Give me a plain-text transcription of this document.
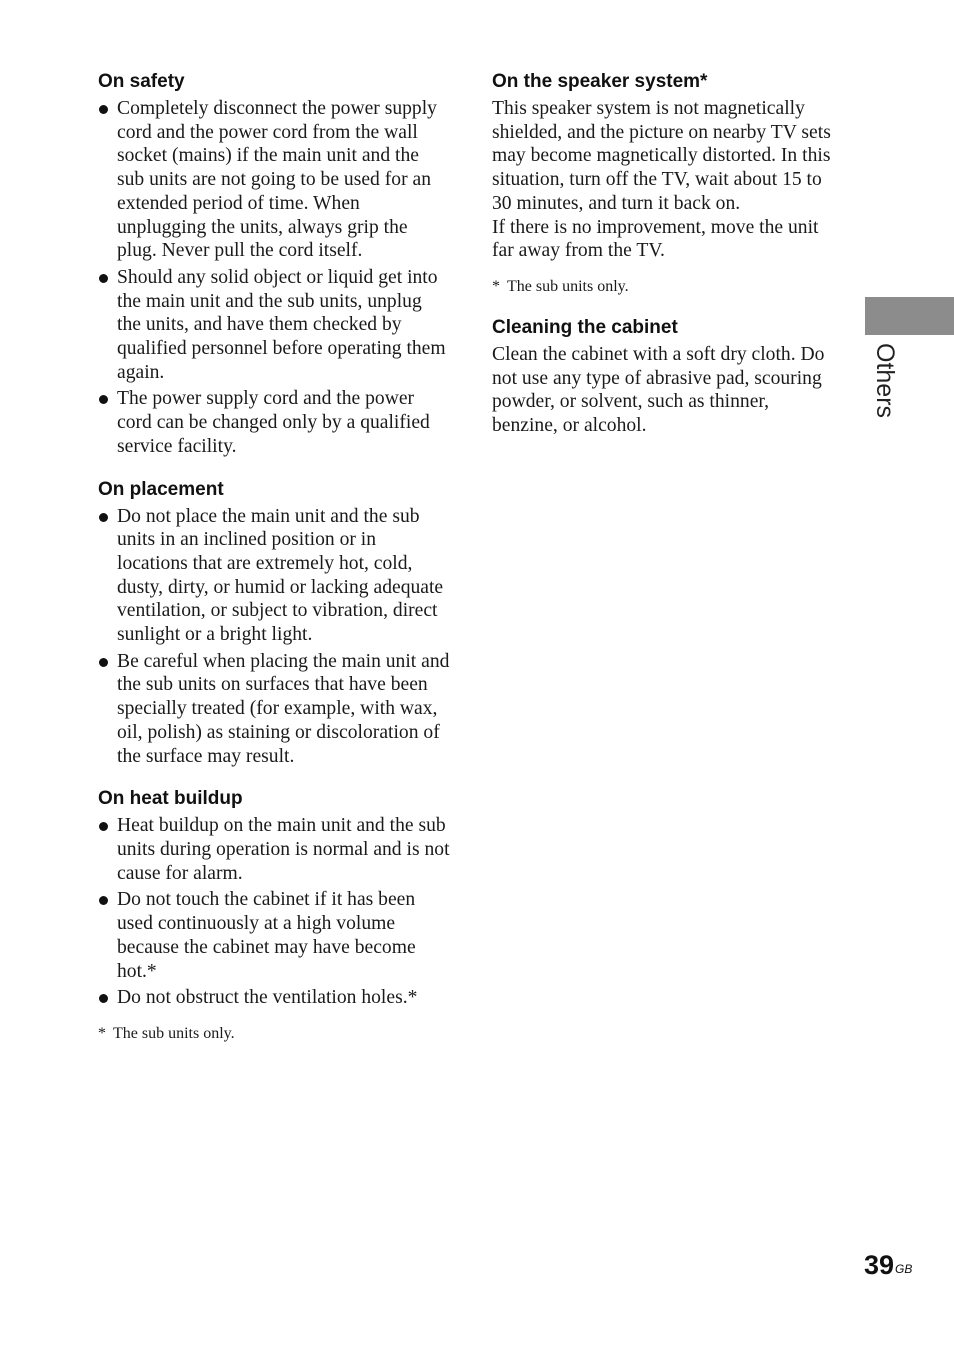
On safety
Completely disconnect the power supply cord and the power cord from the wall socket (mains) if the main unit and the sub units are not going to be used for an extended period of time. When unplugging the units, always grip the plug. Never pull the cord itself.
Should any solid object or liquid get into the main unit and the sub units, unplug the units, and have them checked by qualified personnel before operating them again.
The power supply cord and the power cord can be changed only by a qualified service facility.
On placement
Do not place the main unit and the sub units in an inclined position or in locations that are extremely hot, cold, dusty, dirty, or humid or lacking adequate ventilation, or subject to vibration, direct sunlight or a bright light.
Be careful when placing the main unit and the sub units on surfaces that have been specially treated (for example, with wax, oil, polish) as staining or discoloration of the surface may result.
On heat buildup
Heat buildup on the main unit and the sub units during operation is normal and is not cause for alarm.
Do not touch the cabinet if it has been used continuously at a high volume because the cabinet may have become hot.*
Do not obstruct the ventilation holes.*
* The sub units only.
On the speaker system*

This speaker system is not magnetically shielded, and the picture on nearby TV sets may become magnetically distorted. In this situation, turn off the TV, wait about 15 to 30 minutes, and turn it back on.

If there is no improvement, move the unit far away from the TV.

* The sub units only.
Cleaning the cabinet

Clean the cabinet with a soft dry cloth. Do not use any type of abrasive pad, scouring powder, or solvent, such as thinner, benzine, or alcohol.

Others
$39^{GB}$
